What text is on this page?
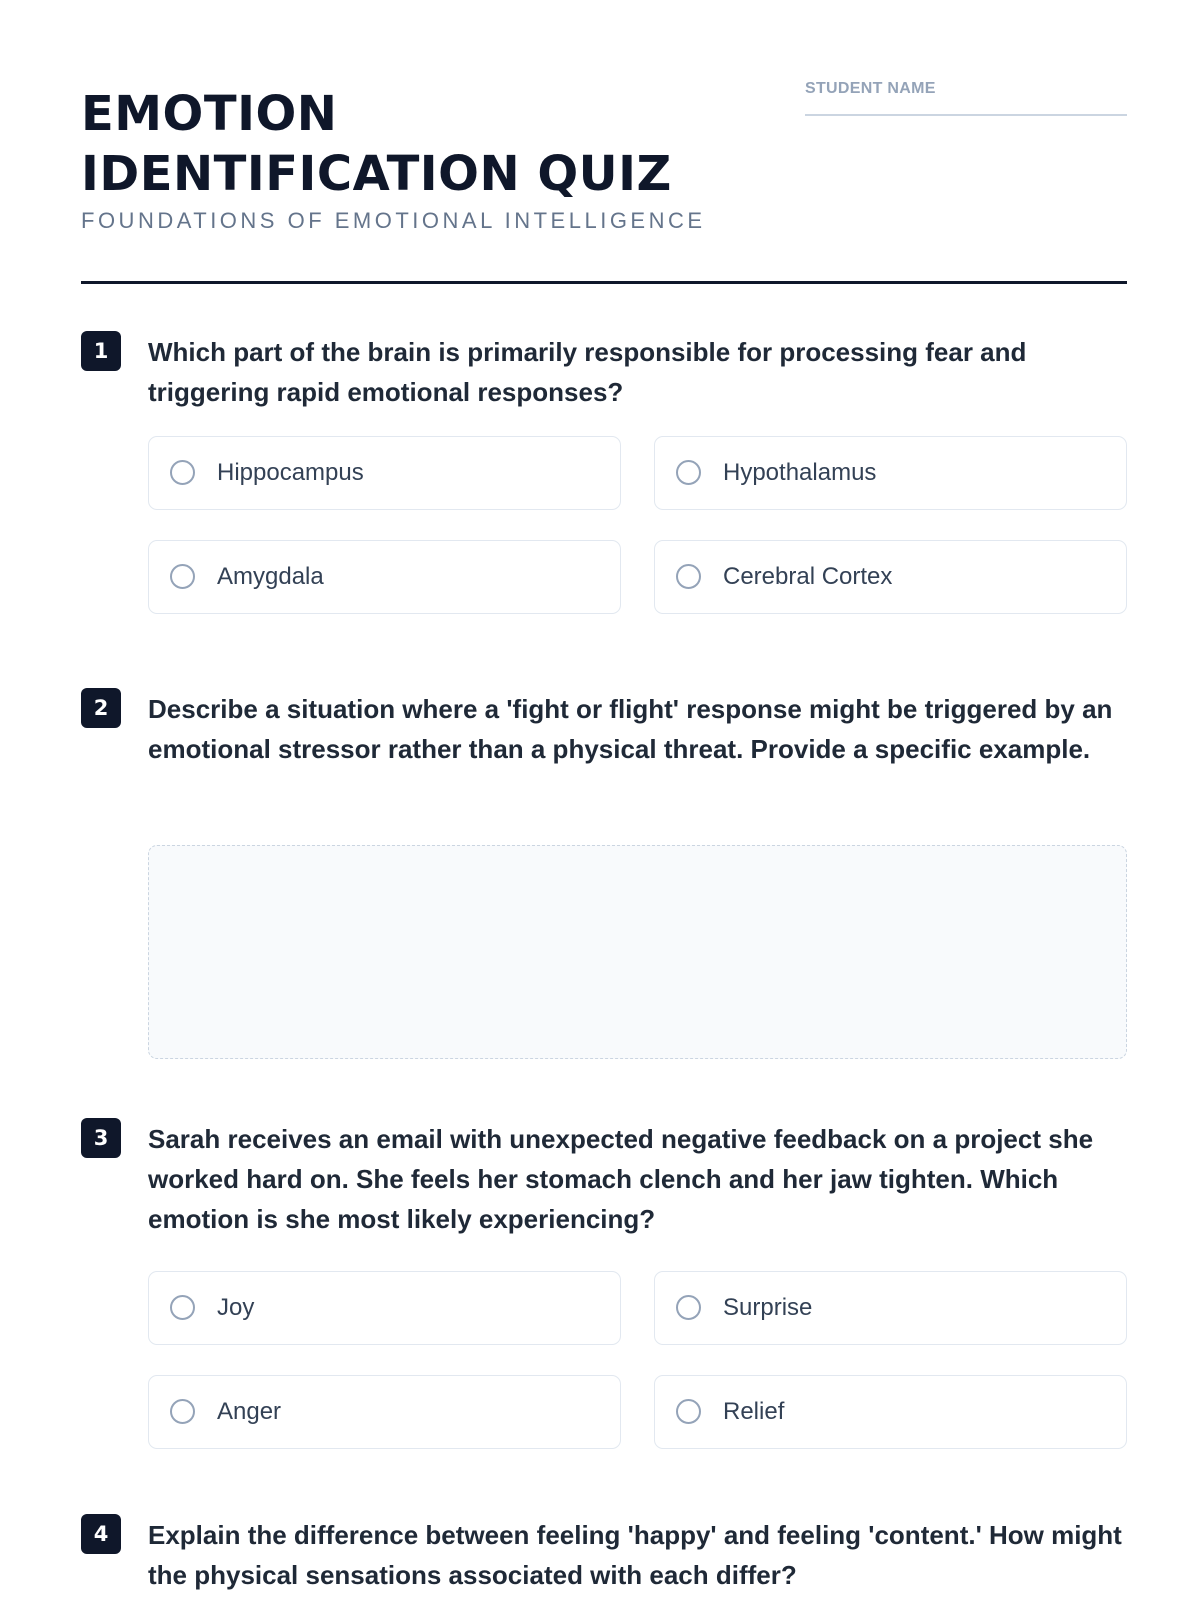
EMOTION IDENTIFICATION QUIZ

FOUNDATIONS OF EMOTIONAL INTELLIGENCE

STUDENT NAME
1	Which part of the brain is primarily responsible for processing fear and triggering rapid emotional responses?

Hippocampus	Hypothalamus
Amygdala	Cerebral Cortex
2	Describe a situation where a 'fight or flight' response might be triggered by an emotional stressor rather than a physical threat. Provide a specific example.

3	Sarah receives an email with unexpected negative feedback on a project she worked hard on. She feels her stomach clench and her jaw tighten. Which emotion is she most likely experiencing?

Joy	Surprise
Anger	Relief
4	Explain the difference between feeling 'happy' and feeling 'content.' How might the physical sensations associated with each differ?
